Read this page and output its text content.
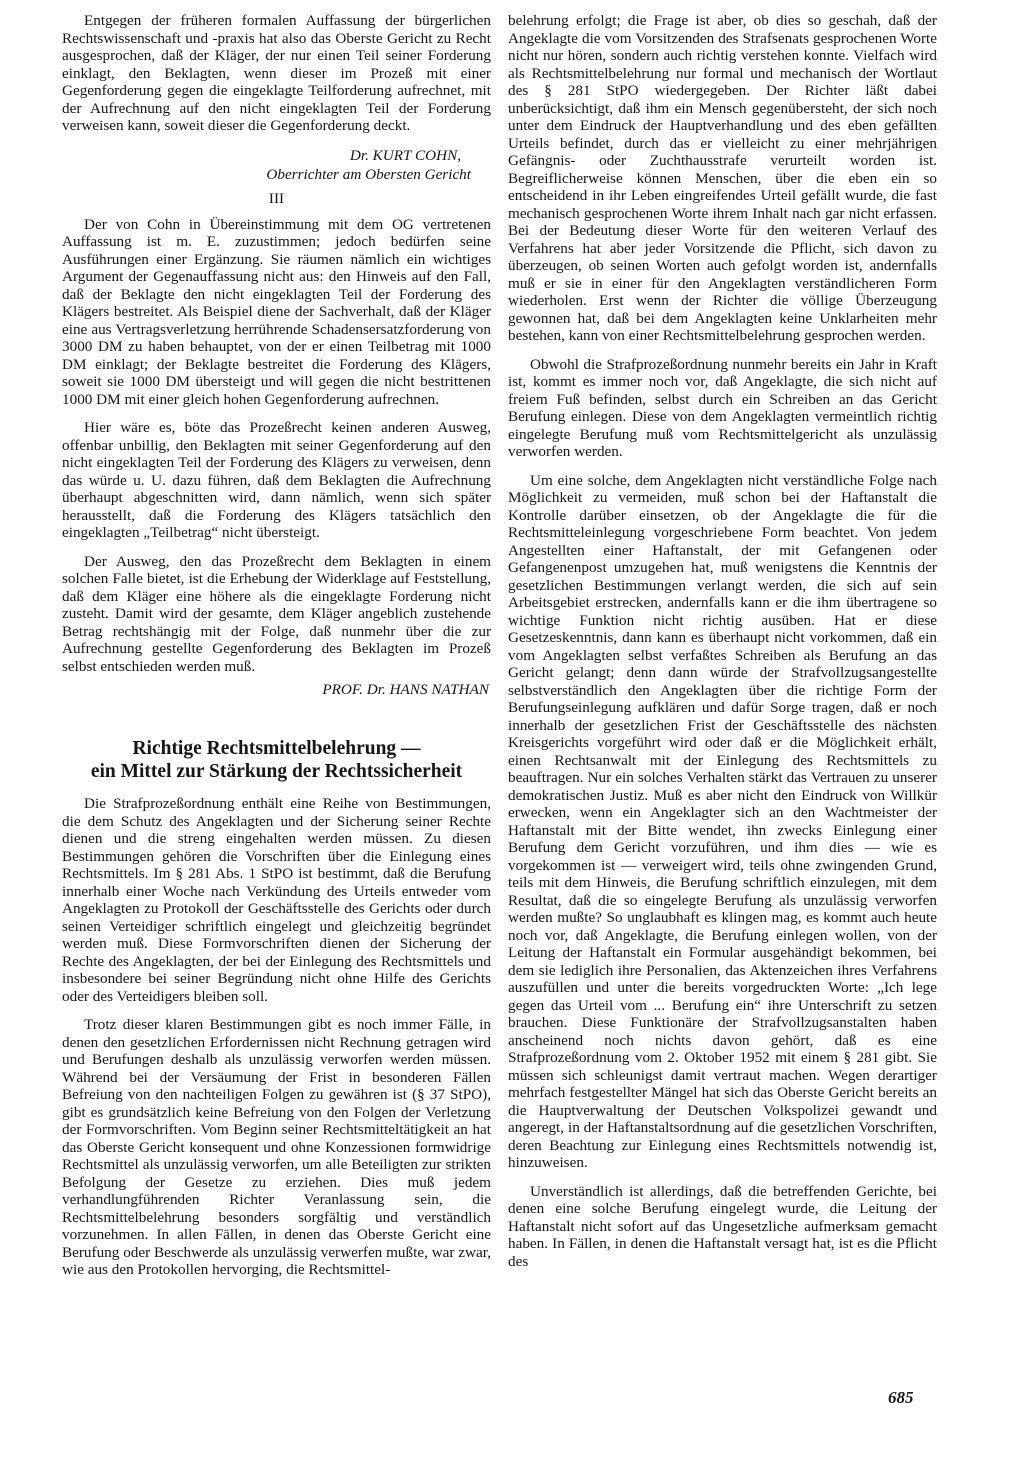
Entgegen der früheren formalen Auffassung der bürgerlichen Rechtswissenschaft und -praxis hat also das Oberste Gericht zu Recht ausgesprochen, daß der Kläger, der nur einen Teil seiner Forderung einklagt, den Beklagten, wenn dieser im Prozeß mit einer Gegenforderung gegen die eingeklagte Teilforderung aufrechnet, mit der Aufrechnung auf den nicht eingeklagten Teil der Forderung verweisen kann, soweit dieser die Gegenforderung deckt.

Dr. KURT COHN,

Oberrichter am Obersten Gericht

III

Der von Cohn in Übereinstimmung mit dem OG vertretenen Auffassung ist m. E. zuzustimmen; jedoch bedürfen seine Ausführungen einer Ergänzung. Sie räumen nämlich ein wichtiges Argument der Gegenauffassung nicht aus: den Hinweis auf den Fall, daß der Beklagte den nicht eingeklagten Teil der Forderung des Klägers bestreitet. Als Beispiel diene der Sachverhalt, daß der Kläger eine aus Vertragsverletzung herrührende Schadensersatzforderung von 3000 DM zu haben behauptet, von der er einen Teilbetrag mit 1000 DM einklagt; der Beklagte bestreitet die Forderung des Klägers, soweit sie 1000 DM übersteigt und will gegen die nicht bestrittenen 1000 DM mit einer gleich hohen Gegenforderung aufrechnen.

Hier wäre es, böte das Prozeßrecht keinen anderen Ausweg, offenbar unbillig, den Beklagten mit seiner Gegenforderung auf den nicht eingeklagten Teil der Forderung des Klägers zu verweisen, denn das würde u. U. dazu führen, daß dem Beklagten die Aufrechnung überhaupt abgeschnitten wird, dann nämlich, wenn sich später herausstellt, daß die Forderung des Klägers tatsächlich den eingeklagten „Teilbetrag“ nicht übersteigt.

Der Ausweg, den das Prozeßrecht dem Beklagten in einem solchen Falle bietet, ist die Erhebung der Widerklage auf Feststellung, daß dem Kläger eine höhere als die eingeklagte Forderung nicht zusteht. Damit wird der gesamte, dem Kläger angeblich zustehende Betrag rechtshängig mit der Folge, daß nunmehr über die zur Aufrechnung gestellte Gegenforderung des Beklagten im Prozeß selbst entschieden werden muß.

PROF. Dr. HANS NATHAN

Richtige Rechtsmittelbelehrung —
ein Mittel zur Stärkung der Rechtssicherheit

Die Strafprozeßordnung enthält eine Reihe von Bestimmungen, die dem Schutz des Angeklagten und der Sicherung seiner Rechte dienen und die streng eingehalten werden müssen. Zu diesen Bestimmungen gehören die Vorschriften über die Einlegung eines Rechtsmittels. Im § 281 Abs. 1 StPO ist bestimmt, daß die Berufung innerhalb einer Woche nach Verkündung des Urteils entweder vom Angeklagten zu Protokoll der Geschäftsstelle des Gerichts oder durch seinen Verteidiger schriftlich eingelegt und gleichzeitig begründet werden muß. Diese Formvorschriften dienen der Sicherung der Rechte des Angeklagten, der bei der Einlegung des Rechtsmittels und insbesondere bei seiner Begründung nicht ohne Hilfe des Gerichts oder des Verteidigers bleiben soll.

Trotz dieser klaren Bestimmungen gibt es noch immer Fälle, in denen den gesetzlichen Erfordernissen nicht Rechnung getragen wird und Berufungen deshalb als unzulässig verworfen werden müssen. Während bei der Versäumung der Frist in besonderen Fällen Befreiung von den nachteiligen Folgen zu gewähren ist (§ 37 StPO), gibt es grundsätzlich keine Befreiung von den Folgen der Verletzung der Formvorschriften. Vom Beginn seiner Rechtsmitteltätigkeit an hat das Oberste Gericht konsequent und ohne Konzessionen formwidrige Rechtsmittel als unzulässig verworfen, um alle Beteiligten zur strikten Befolgung der Gesetze zu erziehen. Dies muß jedem verhandlungführenden Richter Veranlassung sein, die Rechtsmittelbelehrung besonders sorgfältig und verständlich vorzunehmen. In allen Fällen, in denen das Oberste Gericht eine Berufung oder Beschwerde als unzulässig verwerfen mußte, war zwar, wie aus den Protokollen hervorging, die Rechtsmittel-

belehrung erfolgt; die Frage ist aber, ob dies so geschah, daß der Angeklagte die vom Vorsitzenden des Strafsenats gesprochenen Worte nicht nur hören, sondern auch richtig verstehen konnte. Vielfach wird als Rechtsmittelbelehrung nur formal und mechanisch der Wortlaut des § 281 StPO wiedergegeben. Der Richter läßt dabei unberücksichtigt, daß ihm ein Mensch gegenübersteht, der sich noch unter dem Eindruck der Hauptverhandlung und des eben gefällten Urteils befindet, durch das er vielleicht zu einer mehrjährigen Gefängnis- oder Zuchthausstrafe verurteilt worden ist. Begreiflicherweise können Menschen, über die eben ein so entscheidend in ihr Leben eingreifendes Urteil gefällt wurde, die fast mechanisch gesprochenen Worte ihrem Inhalt nach gar nicht erfassen. Bei der Bedeutung dieser Worte für den weiteren Verlauf des Verfahrens hat aber jeder Vorsitzende die Pflicht, sich davon zu überzeugen, ob seinen Worten auch gefolgt worden ist, andernfalls muß er sie in einer für den Angeklagten verständlicheren Form wiederholen. Erst wenn der Richter die völlige Überzeugung gewonnen hat, daß bei dem Angeklagten keine Unklarheiten mehr bestehen, kann von einer Rechtsmittelbelehrung gesprochen werden.

Obwohl die Strafprozeßordnung nunmehr bereits ein Jahr in Kraft ist, kommt es immer noch vor, daß Angeklagte, die sich nicht auf freiem Fuß befinden, selbst durch ein Schreiben an das Gericht Berufung einlegen. Diese von dem Angeklagten vermeintlich richtig eingelegte Berufung muß vom Rechtsmittelgericht als unzulässig verworfen werden.

Um eine solche, dem Angeklagten nicht verständliche Folge nach Möglichkeit zu vermeiden, muß schon bei der Haftanstalt die Kontrolle darüber einsetzen, ob der Angeklagte die für die Rechtsmitteleinlegung vorgeschriebene Form beachtet. Von jedem Angestellten einer Haftanstalt, der mit Gefangenen oder Gefangenenpost umzugehen hat, muß wenigstens die Kenntnis der gesetzlichen Bestimmungen verlangt werden, die sich auf sein Arbeitsgebiet erstrecken, andernfalls kann er die ihm übertragene so wichtige Funktion nicht richtig ausüben. Hat er diese Gesetzeskenntnis, dann kann es überhaupt nicht vorkommen, daß ein vom Angeklagten selbst verfaßtes Schreiben als Berufung an das Gericht gelangt; denn dann würde der Strafvollzugsangestellte selbstverständlich den Angeklagten über die richtige Form der Berufungseinlegung aufklären und dafür Sorge tragen, daß er noch innerhalb der gesetzlichen Frist der Geschäftsstelle des nächsten Kreisgerichts vorgeführt wird oder daß er die Möglichkeit erhält, einen Rechtsanwalt mit der Einlegung des Rechtsmittels zu beauftragen. Nur ein solches Verhalten stärkt das Vertrauen zu unserer demokratischen Justiz. Muß es aber nicht den Eindruck von Willkür erwecken, wenn ein Angeklagter sich an den Wachtmeister der Haftanstalt mit der Bitte wendet, ihn zwecks Einlegung einer Berufung dem Gericht vorzuführen, und ihm dies — wie es vorgekommen ist — verweigert wird, teils ohne zwingenden Grund, teils mit dem Hinweis, die Berufung schriftlich einzulegen, mit dem Resultat, daß die so eingelegte Berufung als unzulässig verworfen werden mußte? So unglaubhaft es klingen mag, es kommt auch heute noch vor, daß Angeklagte, die Berufung einlegen wollen, von der Leitung der Haftanstalt ein Formular ausgehändigt bekommen, bei dem sie lediglich ihre Personalien, das Aktenzeichen ihres Verfahrens auszufüllen und unter die bereits vorgedruckten Worte: „Ich lege gegen das Urteil vom ... Berufung ein“ ihre Unterschrift zu setzen brauchen. Diese Funktionäre der Strafvollzugsanstalten haben anscheinend noch nichts davon gehört, daß es eine Strafprozeßordnung vom 2. Oktober 1952 mit einem § 281 gibt. Sie müssen sich schleunigst damit vertraut machen. Wegen derartiger mehrfach festgestellter Mängel hat sich das Oberste Gericht bereits an die Hauptverwaltung der Deutschen Volkspolizei gewandt und angeregt, in der Haftanstaltsordnung auf die gesetzlichen Vorschriften, deren Beachtung zur Einlegung eines Rechtsmittels notwendig ist, hinzuweisen.

Unverständlich ist allerdings, daß die betreffenden Gerichte, bei denen eine solche Berufung eingelegt wurde, die Leitung der Haftanstalt nicht sofort auf das Ungesetzliche aufmerksam gemacht haben. In Fällen, in denen die Haftanstalt versagt hat, ist es die Pflicht des

685
